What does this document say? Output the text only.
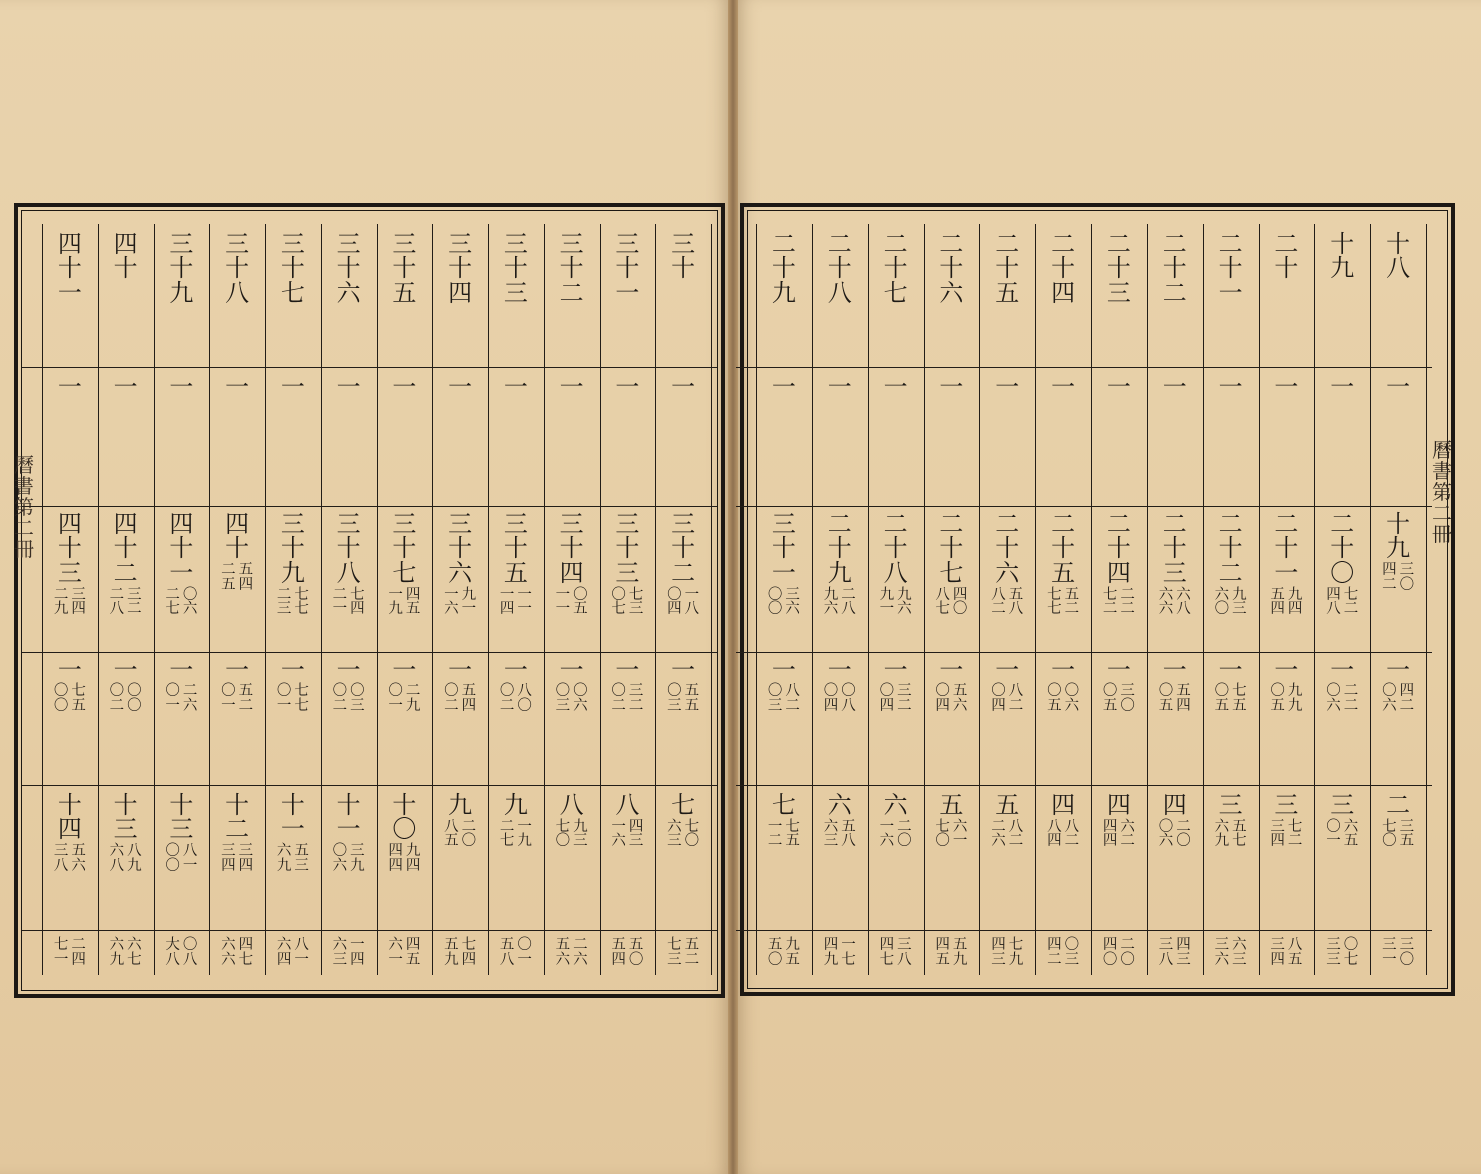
曆
書
第
二
冊
曆
書
第
二
冊
三
十
一
三
十
二
一
八
〇
四
一
五
五
〇
三
七
七
〇
六
三
五
二
七
三
三
十
一
一
三
十
三
七
三
〇
七
一
三
二
〇
二
八
四
三
一
六
五
〇
五
四
三
十
二
一
三
十
四
〇
五
一
一
一
〇
六
〇
三
八
九
三
七
〇
二
六
五
六
三
十
三
一
三
十
五
一
一
一
四
一
八
〇
〇
二
九
一
九
二
七
〇
一
五
八
三
十
四
一
三
十
六
九
一
一
六
一
五
四
〇
二
九
二
〇
八
五
七
四
五
九
三
十
五
一
三
十
七
四
五
一
九
一
二
九
〇
一
十
〇
九
四
四
四
四
五
六
一
三
十
六
一
三
十
八
七
四
二
一
一
〇
三
〇
二
十
一
三
九
〇
六
一
四
六
三
三
十
七
一
三
十
九
七
七
二
三
一
七
七
〇
一
十
一
五
三
六
九
八
一
六
四
三
十
八
一
四
十
五
四
二
五
一
五
二
〇
一
十
二
三
四
三
四
四
七
六
六
三
十
九
一
四
十
一
〇
六
二
七
一
二
六
〇
一
十
三
八
一
〇
〇
〇
八
大
八
四
十
一
四
十
二
三
二
二
八
一
〇
〇
〇
二
十
三
八
九
六
八
六
七
六
九
四
十
一
一
四
十
三
三
四
二
九
一
七
五
〇
〇
十
四
五
六
三
八
二
四
七
一
十
八
一
十
九
三
〇
四
二
一
四
二
〇
六
二
三
五
七
〇
三
〇
三
一
十
九
一
二
十
〇
七
二
四
八
一
二
二
〇
六
三
六
五
〇
一
〇
七
三
三
二
十
一
二
十
一
九
四
五
四
一
九
九
〇
五
三
七
二
三
四
八
五
三
四
二
十
一
一
二
十
二
九
三
六
〇
一
七
五
〇
五
三
五
七
六
九
六
三
三
六
二
十
二
一
二
十
三
六
八
六
六
一
五
四
〇
五
四
二
〇
〇
六
四
三
三
八
二
十
三
一
二
十
四
二
二
七
二
一
三
〇
〇
五
四
六
二
四
四
二
〇
四
〇
二
十
四
一
二
十
五
五
二
七
七
一
〇
六
〇
五
四
八
二
八
四
〇
三
四
二
二
十
五
一
二
十
六
五
八
八
二
一
八
二
〇
四
五
八
二
二
六
七
九
四
三
二
十
六
一
二
十
七
四
〇
八
七
一
五
六
〇
四
五
六
一
七
〇
五
九
四
五
二
十
七
一
二
十
八
九
六
九
一
一
三
二
〇
四
六
二
〇
一
六
三
八
四
七
二
十
八
一
二
十
九
二
八
九
六
一
〇
八
〇
四
六
五
八
六
三
一
七
四
九
二
十
九
一
三
十
一
三
六
〇
〇
一
八
二
〇
三
七
七
五
一
二
九
五
五
〇
